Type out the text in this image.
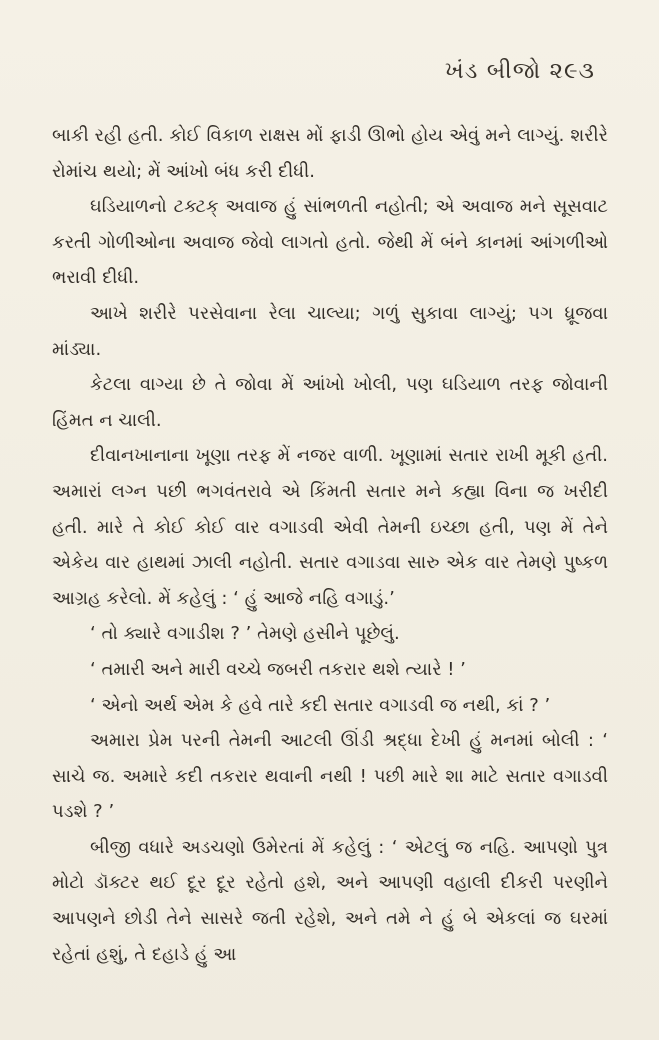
ખંડ બીજો ૨૯૩

બાકી રહી હતી. કોઈ વિકાળ રાક્ષસ મોં ફાડી ઊભો હોય એવું મને લાગ્યું. શરીરે રોમાંચ થયો; મેં આંખો બંધ કરી દીધી.

ઘડિયાળનો ટક્ટક્ અવાજ હું સાંભળતી નહોતી; એ અવાજ મને સૂસવાટ કરતી ગોળીઓના અવાજ જેવો લાગતો હતો. જેથી મેં બંને કાનમાં આંગળીઓ ભરાવી દીધી.

આખે શરીરે પરસેવાના રેલા ચાલ્યા; ગળું સુકાવા લાગ્યું; પગ ધ્રૂજવા માંડ્યા.

કેટલા વાગ્યા છે તે જોવા મેં આંખો ખોલી, પણ ઘડિયાળ તરફ જોવાની હિંમત ન ચાલી.

દીવાનખાનાના ખૂણા તરફ મેં નજર વાળી. ખૂણામાં સતાર રાખી મૂકી હતી. અમારાં લગ્ન પછી ભગવંતરાવે એ કિંમતી સતાર મને કહ્યા વિના જ ખરીદી હતી. મારે તે કોઈ કોઈ વાર વગાડવી એવી તેમની ઇચ્છા હતી, પણ મેં તેને એકેય વાર હાથમાં ઝાલી નહોતી. સતાર વગાડવા સારુ એક વાર તેમણે પુષ્કળ આગ્રહ કરેલો. મેં કહેલું : ‘ હું આજે નહિ વગાડું.’

‘ તો ક્યારે વગાડીશ ? ’ તેમણે હસીને પૂછેલું.

‘ તમારી અને મારી વચ્ચે જબરી તકરાર થશે ત્યારે ! ’

‘ એનો અર્થ એમ કે હવે તારે કદી સતાર વગાડવી જ નથી, કાં ? ’

અમારા પ્રેમ પરની તેમની આટલી ઊંડી શ્રદ્ધા દેખી હું મનમાં બોલી : ‘ સાચે જ. અમારે કદી તકરાર થવાની નથી ! પછી મારે શા માટે સતાર વગાડવી પડશે ? ’

બીજી વધારે અડચણો ઉમેરતાં મેં કહેલું : ‘ એટલું જ નહિ. આપણો પુત્ર મોટો ડૉક્ટર થઈ દૂર દૂર રહેતો હશે, અને આપણી વહાલી દીકરી પરણીને આપણને છોડી તેને સાસરે જતી રહેશે, અને તમે ને હું બે એકલાં જ ઘરમાં રહેતાં હશું, તે દહાડે હું આ
